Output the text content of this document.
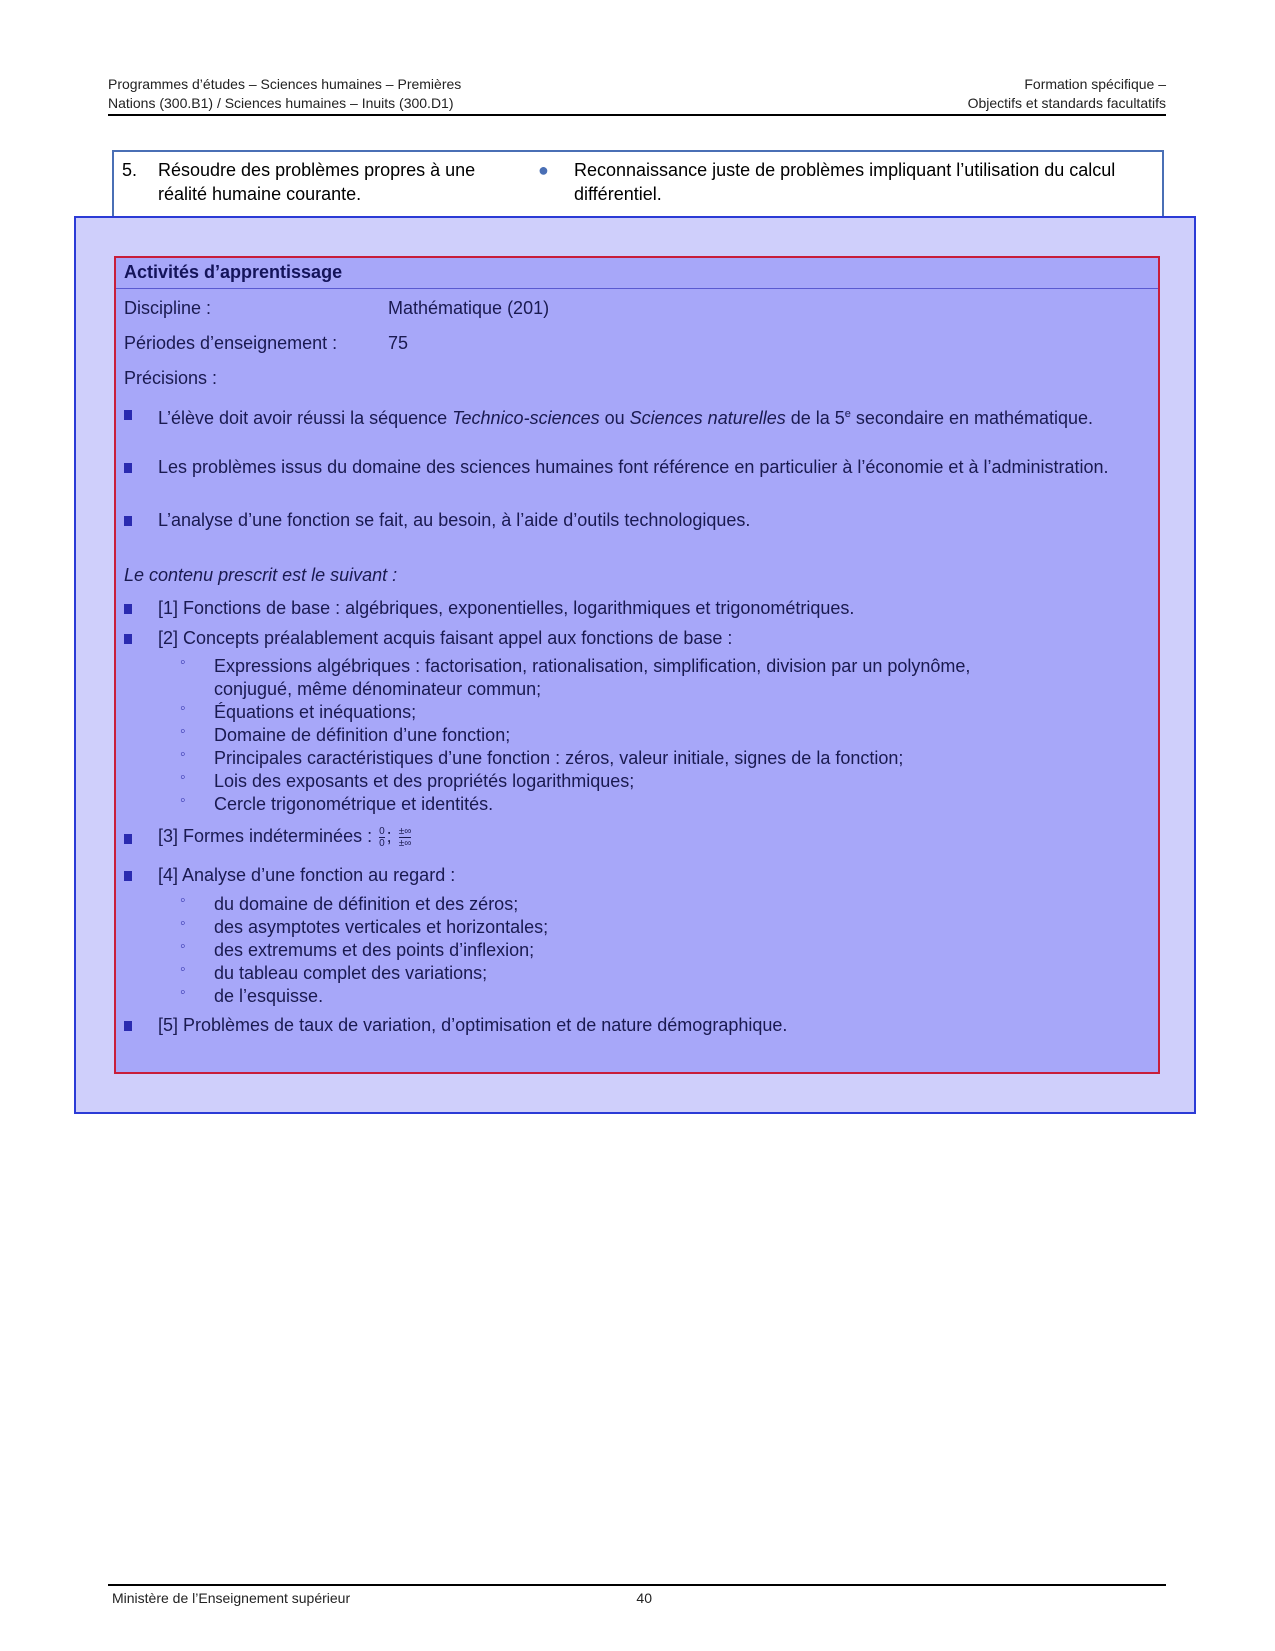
Programmes d’études – Sciences humaines – Premières	Formation spécifique –
Nations (300.B1) / Sciences humaines – Inuits (300.D1)	Objectifs et standards facultatifs
5.	Résoudre des problèmes propres à une
réalité humaine courante.
● Reconnaissance juste de problèmes impliquant l’utilisation du calcul différentiel.
Activités d’apprentissage
Discipline :	Mathématique (201)
Périodes d’enseignement :	75
Précisions :
L’élève doit avoir réussi la séquence Technico-sciences ou Sciences naturelles de la 5e secondaire en mathématique.
Les problèmes issus du domaine des sciences humaines font référence en particulier à l’économie et à l’administration.
L’analyse d’une fonction se fait, au besoin, à l’aide d’outils technologiques.
Le contenu prescrit est le suivant :
[1] Fonctions de base : algébriques, exponentielles, logarithmiques et trigonométriques.
[2] Concepts préalablement acquis faisant appel aux fonctions de base :
◦ Expressions algébriques : factorisation, rationalisation, simplification, division par un polynôme,
conjugué, même dénominateur commun;
◦ Équations et inéquations;
◦ Domaine de définition d’une fonction;
◦ Principales caractéristiques d’une fonction : zéros, valeur initiale, signes de la fonction;
◦ Lois des exposants et des propriétés logarithmiques;
◦ Cercle trigonométrique et identités.
[3] Formes indéterminées : $\frac{0}{0}$ ; $\frac{\pm\infty}{\pm\infty}$
[4] Analyse d’une fonction au regard :
◦ du domaine de définition et des zéros;
◦ des asymptotes verticales et horizontales;
◦ des extremums et des points d’inflexion;
◦ du tableau complet des variations;
◦ de l’esquisse.
[5] Problèmes de taux de variation, d’optimisation et de nature démographique.
Ministère de l’Enseignement supérieur	40
